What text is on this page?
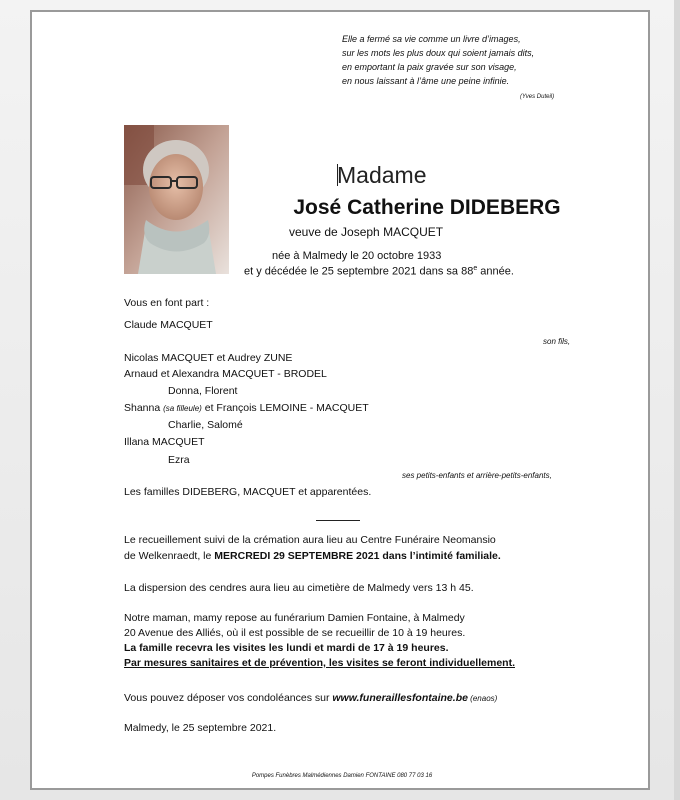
Elle a fermé sa vie comme un livre d’images,
sur les mots les plus doux qui soient jamais dits,
en emportant la paix gravée sur son visage,
en nous laissant à l’âme une peine infinie.
(Yves Duteil)
Madame
José Catherine DIDEBERG
veuve de Joseph MACQUET
née à Malmedy le 20 octobre 1933
et y décédée le 25 septembre 2021 dans sa 88e année.
Vous en font part :
Claude MACQUET
son fils,
Nicolas MACQUET et Audrey ZUNE
Arnaud et Alexandra MACQUET - BRODEL
Donna, Florent
Shanna (sa filleule) et François LEMOINE - MACQUET
Charlie, Salomé
Illana MACQUET
Ezra
ses petits-enfants et arrière-petits-enfants,
Les familles DIDEBERG, MACQUET et apparentées.
Le recueillement suivi de la crémation aura lieu au Centre Funéraire Neomansio
de Welkenraedt, le MERCREDI 29 SEPTEMBRE 2021 dans l’intimité familiale.
La dispersion des cendres aura lieu au cimetière de Malmedy vers 13 h 45.
Notre maman, mamy repose au funérarium Damien Fontaine, à Malmedy
20 Avenue des Alliés, où il est possible de se recueillir de 10 à 19 heures.
La famille recevra les visites les lundi et mardi de 17 à 19 heures.
Par mesures sanitaires et de prévention, les visites se feront individuellement.
Vous pouvez déposer vos condoléances sur www.funeraillesfontaine.be (enaos)
Malmedy, le 25 septembre 2021.
Pompes Funèbres Malmédiennes Damien FONTAINE 080 77 03 16
